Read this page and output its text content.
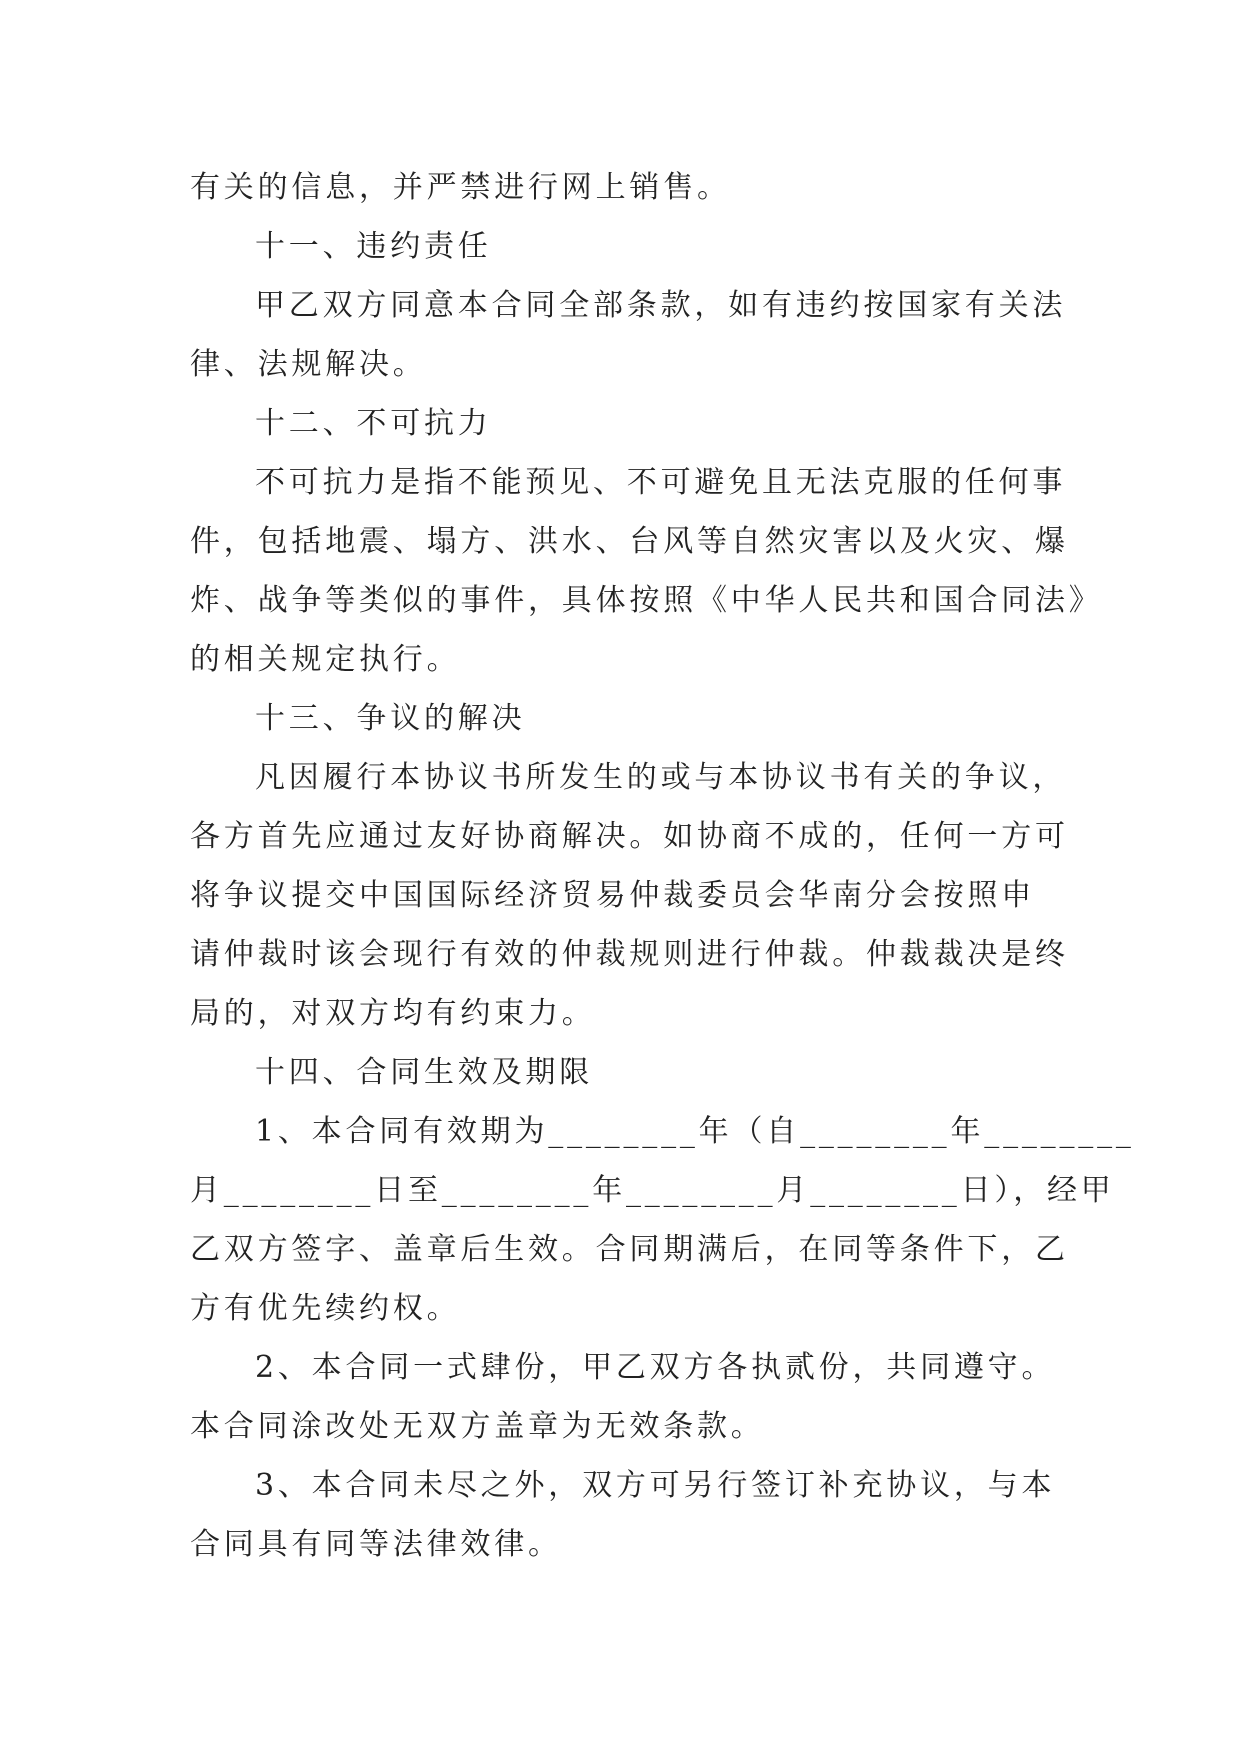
有关的信息，并严禁进行网上销售。
十一、违约责任
甲乙双方同意本合同全部条款，如有违约按国家有关法
律、法规解决。
十二、不可抗力
不可抗力是指不能预见、不可避免且无法克服的任何事
件，包括地震、塌方、洪水、台风等自然灾害以及火灾、爆
炸、战争等类似的事件，具体按照《中华人民共和国合同法》
的相关规定执行。
十三、争议的解决
凡因履行本协议书所发生的或与本协议书有关的争议，
各方首先应通过友好协商解决。如协商不成的，任何一方可
将争议提交中国国际经济贸易仲裁委员会华南分会按照申
请仲裁时该会现行有效的仲裁规则进行仲裁。仲裁裁决是终
局的，对双方均有约束力。
十四、合同生效及期限
1、本合同有效期为________年（自________年________
月________日至________年________月________日），经甲
乙双方签字、盖章后生效。合同期满后，在同等条件下，乙
方有优先续约权。
2、本合同一式肆份，甲乙双方各执贰份，共同遵守。
本合同涂改处无双方盖章为无效条款。
3、本合同未尽之外，双方可另行签订补充协议，与本
合同具有同等法律效律。
